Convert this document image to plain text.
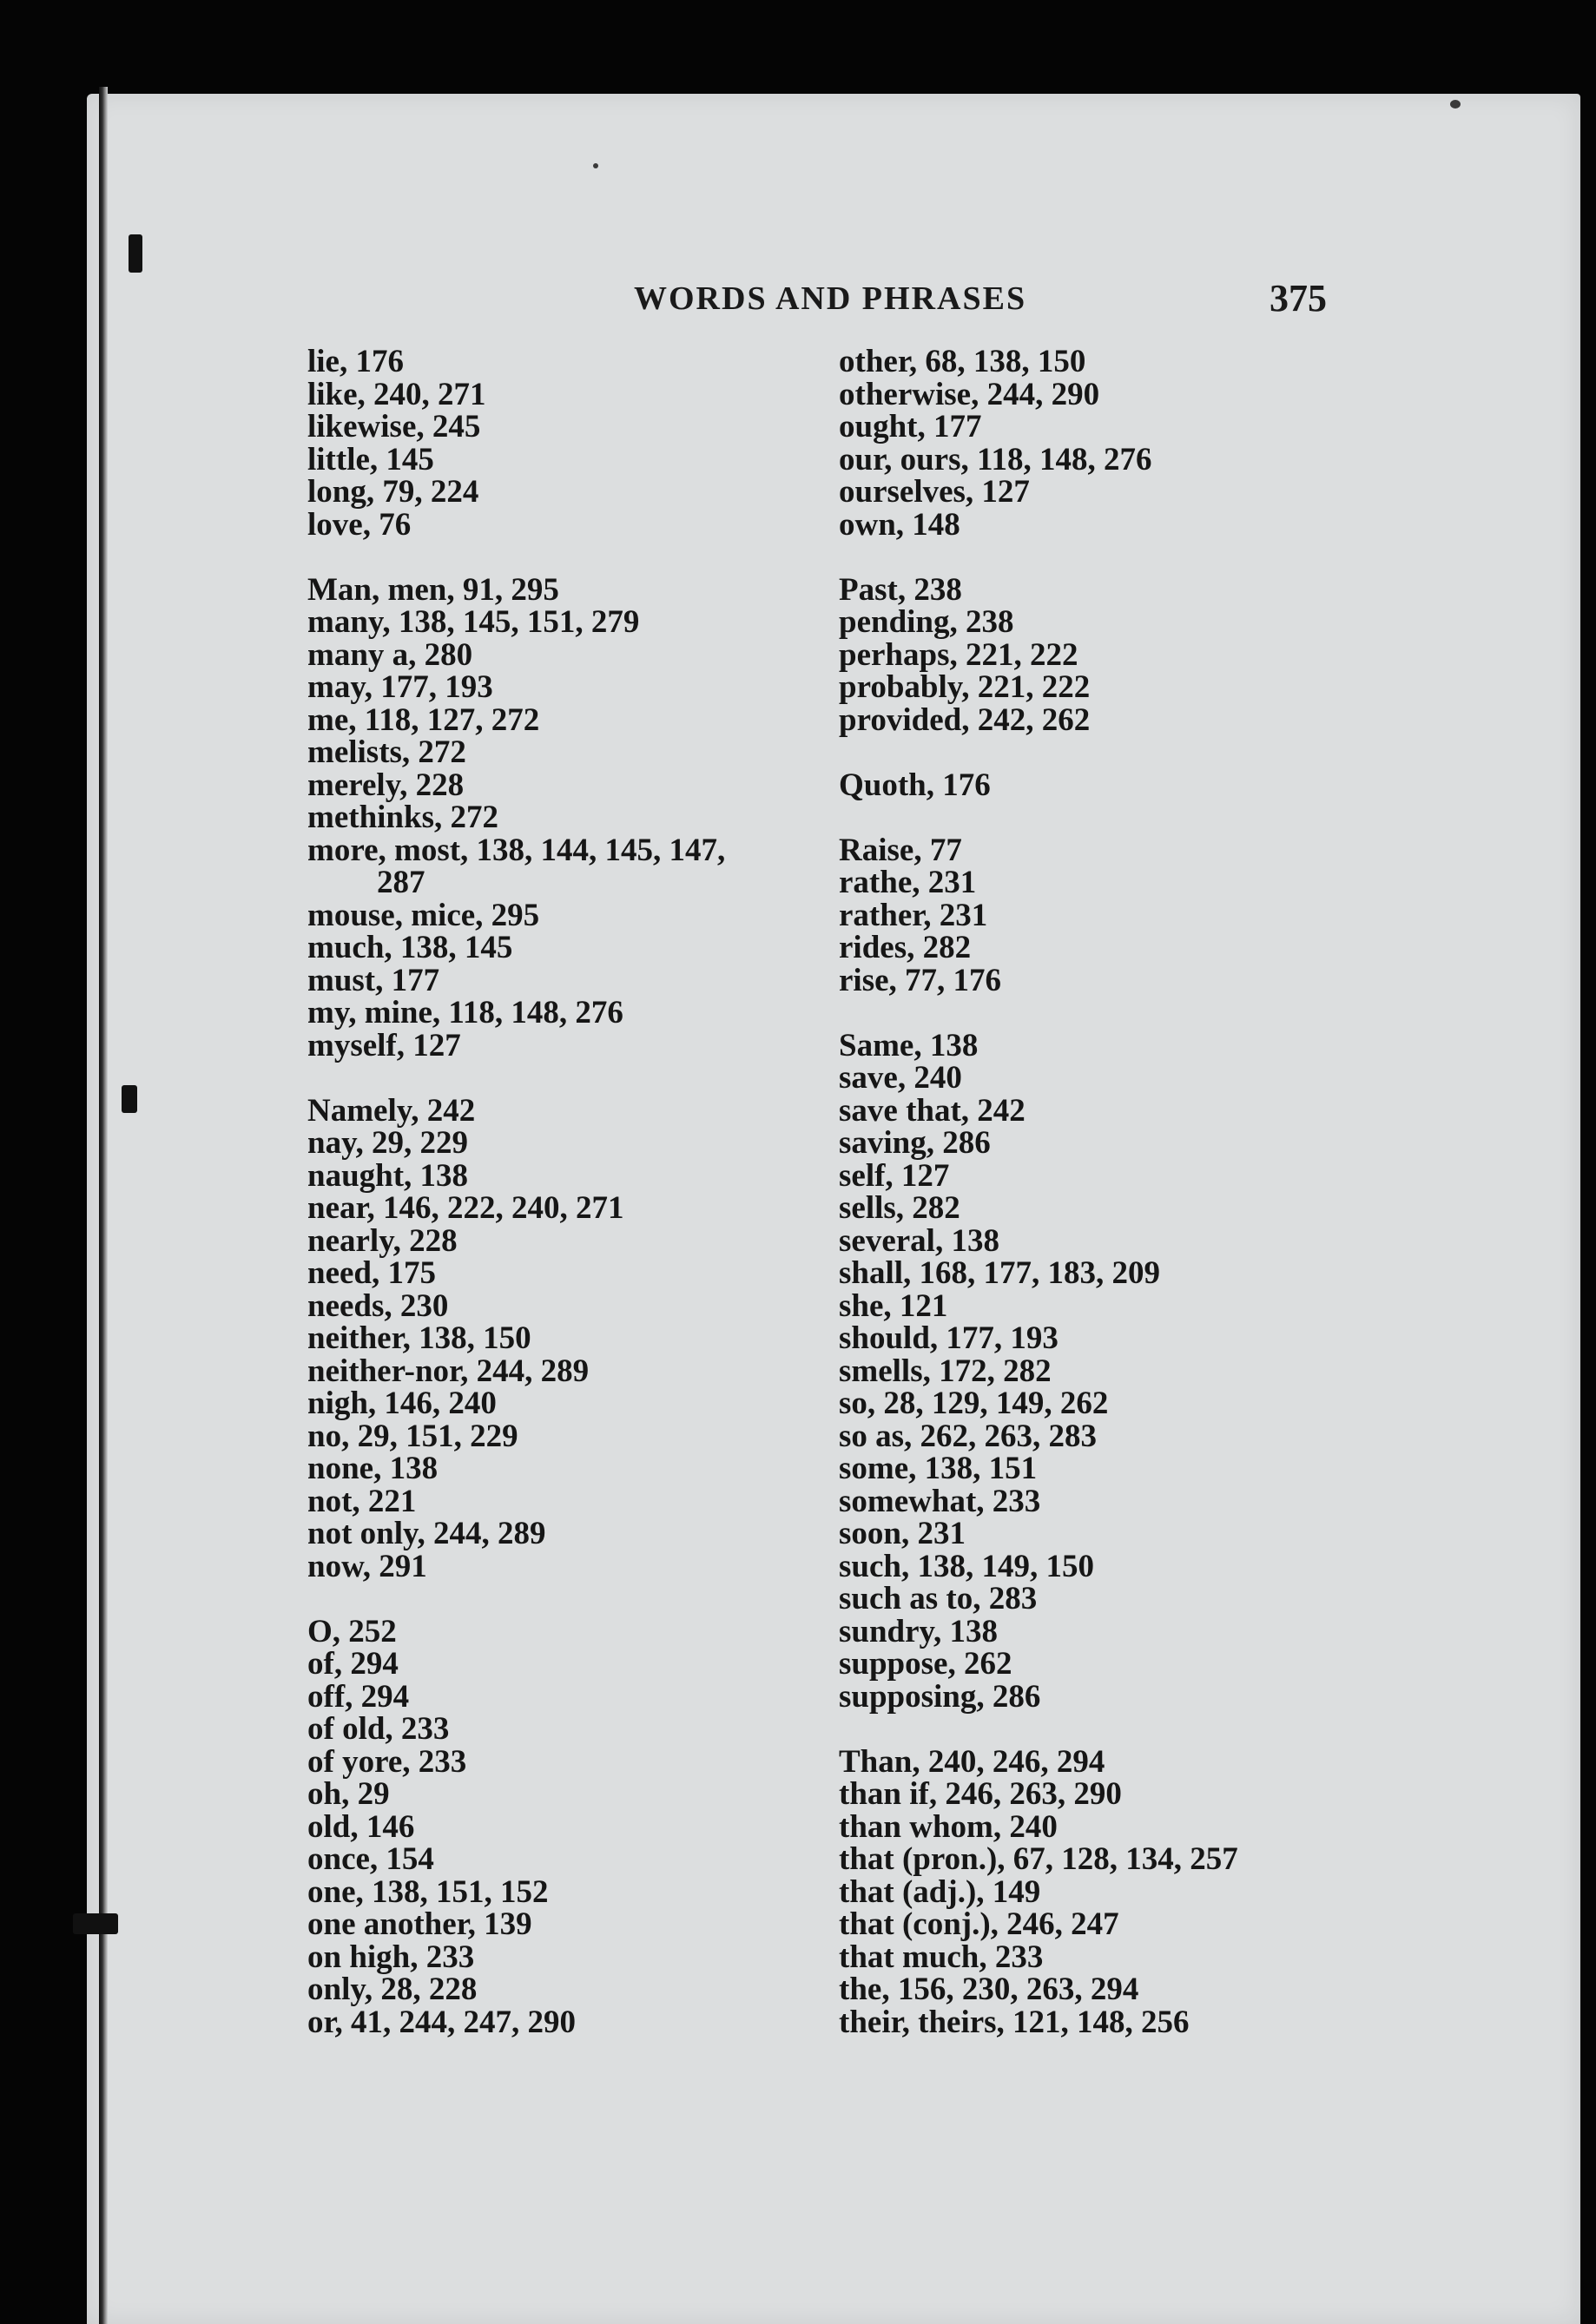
WORDS AND PHRASES	375
lie, 176
like, 240, 271
likewise, 245
little, 145
long, 79, 224
love, 76
Man, men, 91, 295
many, 138, 145, 151, 279
many a, 280
may, 177, 193
me, 118, 127, 272
melists, 272
merely, 228
methinks, 272
more, most, 138, 144, 145, 147,
287
mouse, mice, 295
much, 138, 145
must, 177
my, mine, 118, 148, 276
myself, 127
Namely, 242
nay, 29, 229
naught, 138
near, 146, 222, 240, 271
nearly, 228
need, 175
needs, 230
neither, 138, 150
neither-nor, 244, 289
nigh, 146, 240
no, 29, 151, 229
none, 138
not, 221
not only, 244, 289
now, 291
O, 252
of, 294
off, 294
of old, 233
of yore, 233
oh, 29
old, 146
once, 154
one, 138, 151, 152
one another, 139
on high, 233
only, 28, 228
or, 41, 244, 247, 290
other, 68, 138, 150
otherwise, 244, 290
ought, 177
our, ours, 118, 148, 276
ourselves, 127
own, 148
Past, 238
pending, 238
perhaps, 221, 222
probably, 221, 222
provided, 242, 262
Quoth, 176
Raise, 77
rathe, 231
rather, 231
rides, 282
rise, 77, 176
Same, 138
save, 240
save that, 242
saving, 286
self, 127
sells, 282
several, 138
shall, 168, 177, 183, 209
she, 121
should, 177, 193
smells, 172, 282
so, 28, 129, 149, 262
so as, 262, 263, 283
some, 138, 151
somewhat, 233
soon, 231
such, 138, 149, 150
such as to, 283
sundry, 138
suppose, 262
supposing, 286
Than, 240, 246, 294
than if, 246, 263, 290
than whom, 240
that (pron.), 67, 128, 134, 257
that (adj.), 149
that (conj.), 246, 247
that much, 233
the, 156, 230, 263, 294
their, theirs, 121, 148, 256
